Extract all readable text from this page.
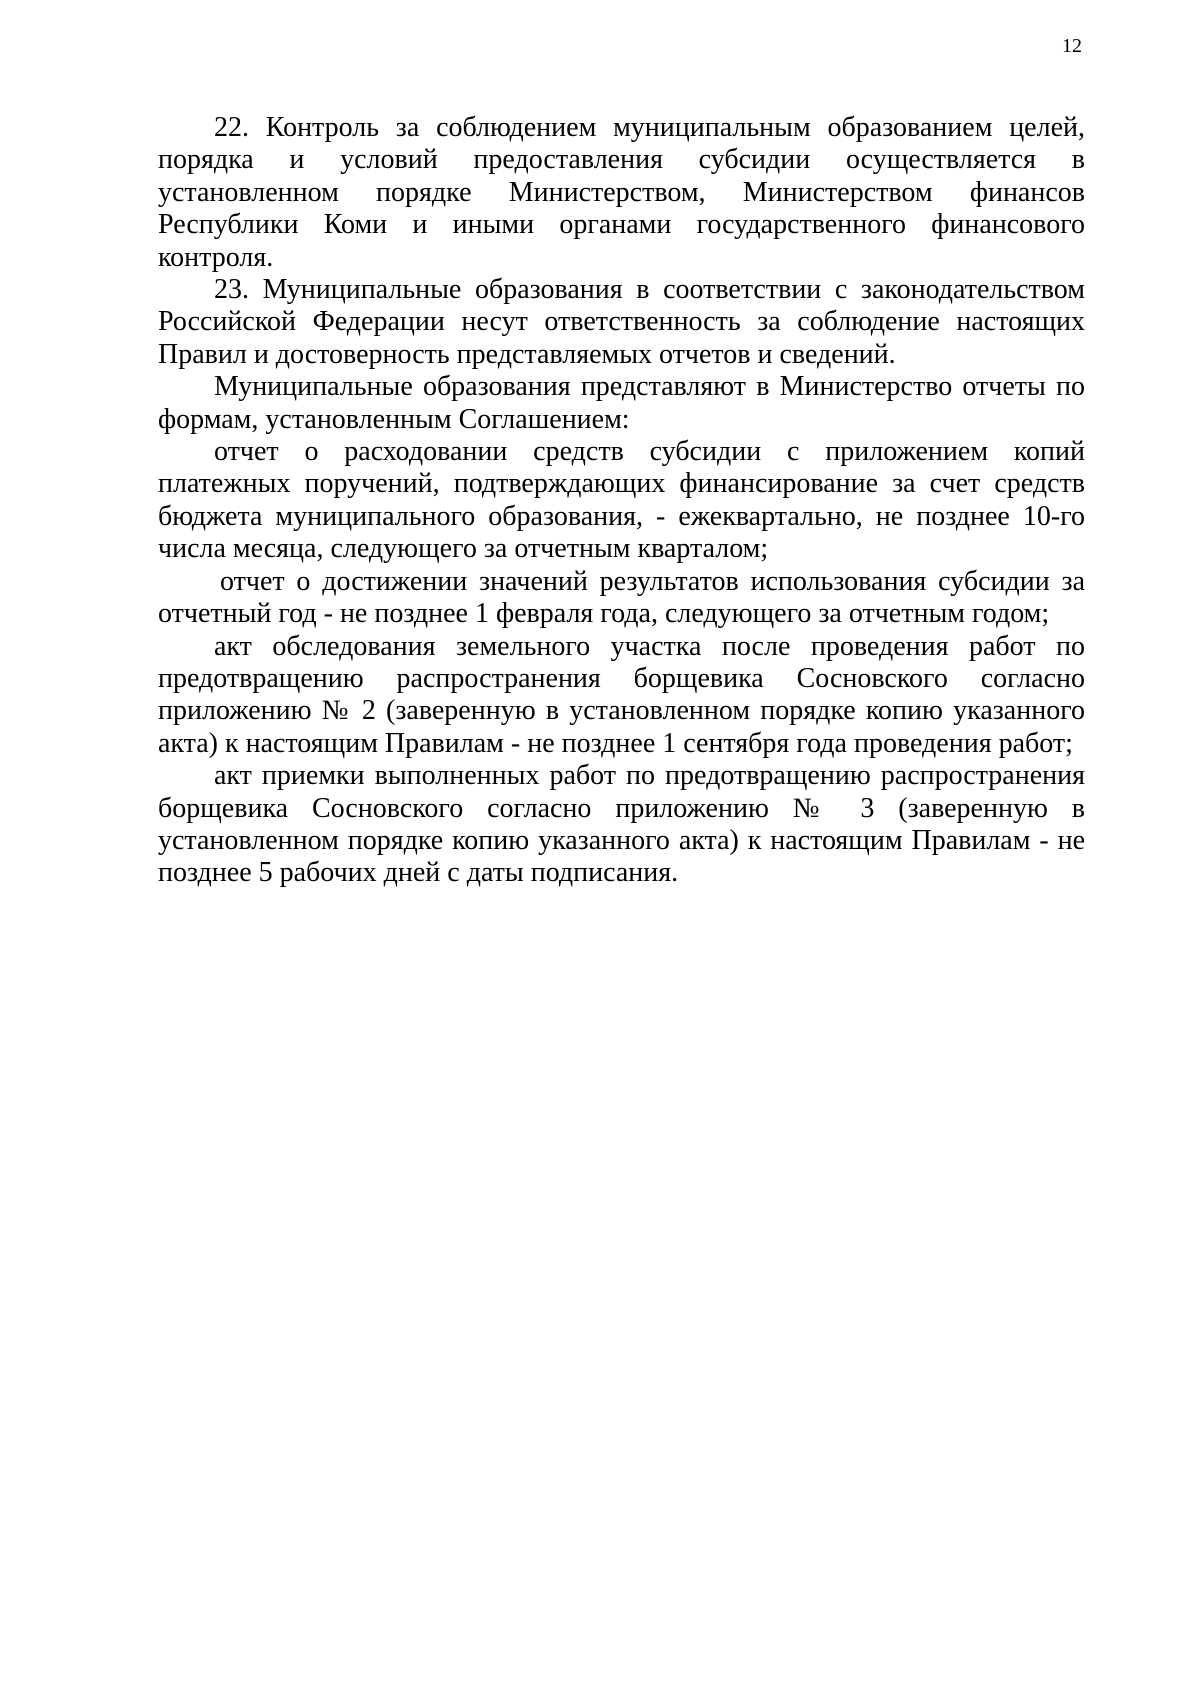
12

22. Контроль за соблюдением муниципальным образованием целей, порядка и условий предоставления субсидии осуществляется в установленном порядке Министерством, Министерством финансов Республики Коми и иными органами государственного финансового контроля.

23. Муниципальные образования в соответствии с законодательством Российской Федерации несут ответственность за соблюдение настоящих Правил и достоверность представляемых отчетов и сведений.

Муниципальные образования представляют в Министерство отчеты по формам, установленным Соглашением:

отчет о расходовании средств субсидии с приложением копий платежных поручений, подтверждающих финансирование за счет средств бюджета муниципального образования, - ежеквартально, не позднее 10-го числа месяца, следующего за отчетным кварталом;

отчет о достижении значений результатов использования субсидии за отчетный год - не позднее 1 февраля года, следующего за отчетным годом;

акт обследования земельного участка после проведения работ по предотвращению распространения борщевика Сосновского согласно приложению № 2 (заверенную в установленном порядке копию указанного акта) к настоящим Правилам - не позднее 1 сентября года проведения работ;

акт приемки выполненных работ по предотвращению распространения борщевика Сосновского согласно приложению № 3 (заверенную в установленном порядке копию указанного акта) к настоящим Правилам - не позднее 5 рабочих дней с даты подписания.
